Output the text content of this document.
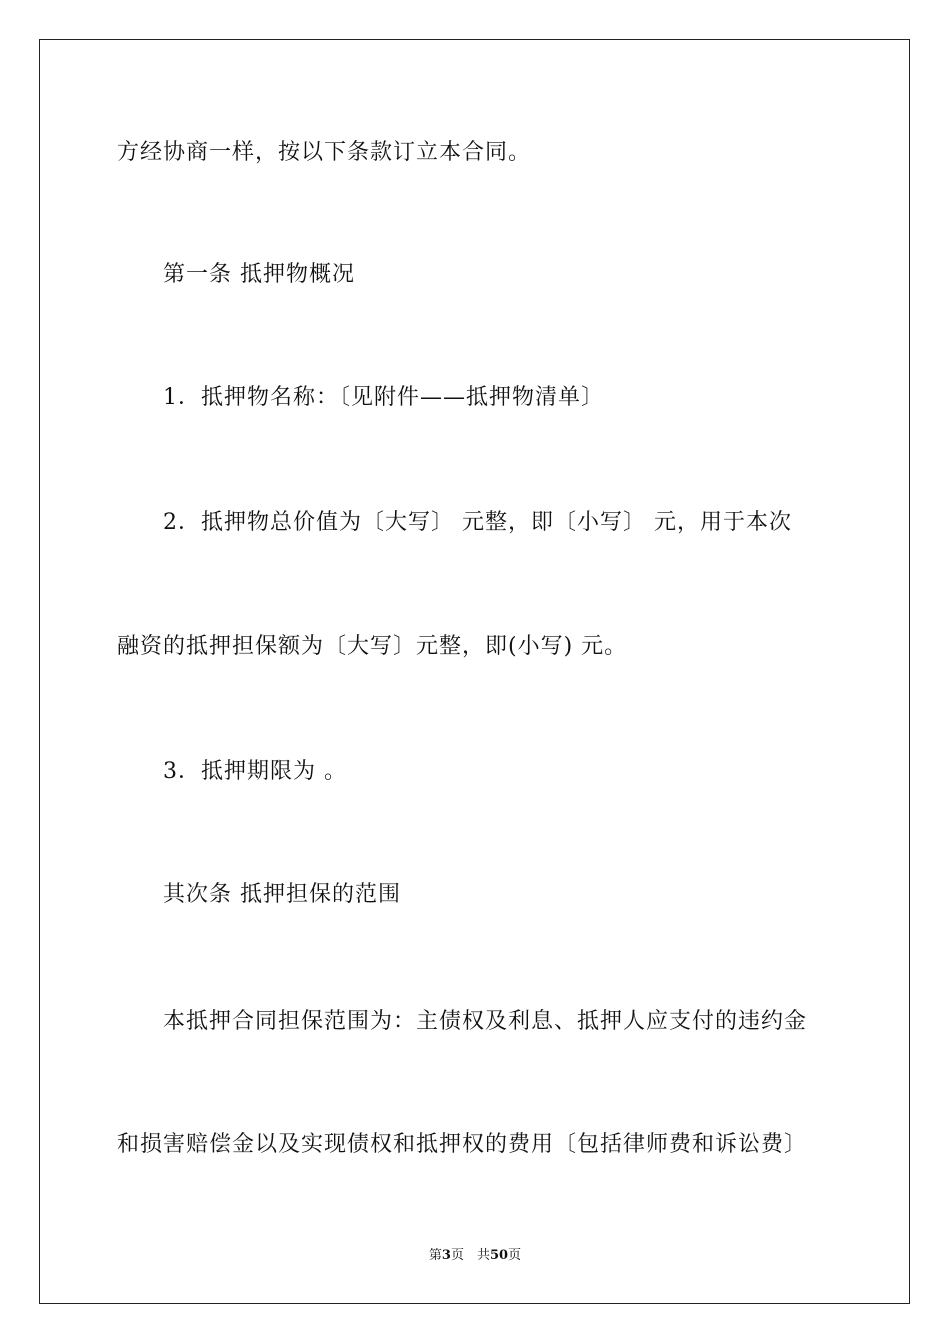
方经协商一样，按以下条款订立本合同。
第一条 抵押物概况
1．抵押物名称：〔见附件——抵押物清单〕
2．抵押物总价值为〔大写〕 元整，即〔小写〕 元，用于本次
融资的抵押担保额为〔大写〕元整，即(小写) 元。
3．抵押期限为 。
其次条 抵押担保的范围
本抵押合同担保范围为：主债权及利息、抵押人应支付的违约金
和损害赔偿金以及实现债权和抵押权的费用〔包括律师费和诉讼费〕
第3页　共50页
